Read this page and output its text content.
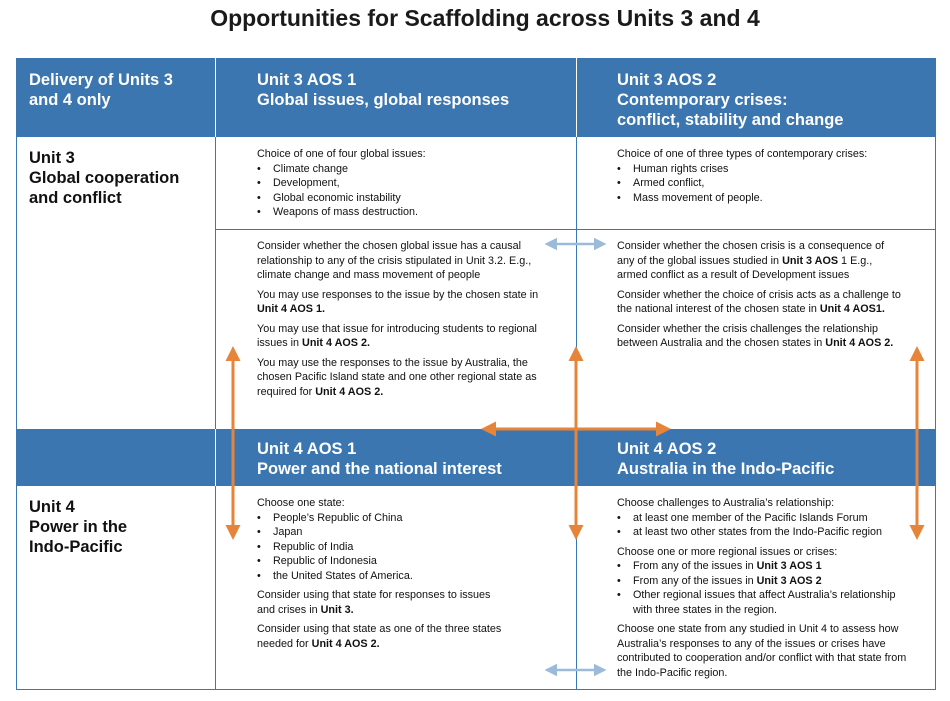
Opportunities for Scaffolding across Units 3 and 4
Delivery of Units 3
and 4 only
Unit 3 AOS 1
Global issues, global responses
Unit 3 AOS 2
Contemporary crises:
conflict, stability and change
Unit 4 AOS 1
Power and the national interest
Unit 4 AOS 2
Australia in the Indo-Pacific
Unit 3
Global cooperation
and conflict
Unit 4
Power in the
Indo-Pacific

Choice of one of four global issues:

• Climate change
• Development,
• Global economic instability
• Weapons of mass destruction.

Choice of one of three types of contemporary crises:

• Human rights crises
• Armed conflict,
• Mass movement of people.

Consider whether the chosen global issue has a causal relationship to any of the crisis stipulated in Unit 3.2. E.g., climate change and mass movement of people

You may use responses to the issue by the chosen state in Unit 4 AOS 1.

You may use that issue for introducing students to regional issues in Unit 4 AOS 2.

You may use the responses to the issue by Australia, the chosen Pacific Island state and one other regional state as required for Unit 4 AOS 2.

Consider whether the chosen crisis is a consequence of any of the global issues studied in Unit 3 AOS 1 E.g., armed conflict as a result of Development issues

Consider whether the choice of crisis acts as a challenge to the national interest of the chosen state in Unit 4 AOS1.

Consider whether the crisis challenges the relationship between Australia and the chosen states in Unit 4 AOS 2.

Choose one state:

• People’s Republic of China
• Japan
• Republic of India
• Republic of Indonesia
• the United States of America.

Consider using that state for responses to issues and crises in Unit 3.

Consider using that state as one of the three states needed for Unit 4 AOS 2.

Choose challenges to Australia’s relationship:

• at least one member of the Pacific Islands Forum
• at least two other states from the Indo-Pacific region

Choose one or more regional issues or crises:

• From any of the issues in Unit 3 AOS 1
• From any of the issues in Unit 3 AOS 2
• Other regional issues that affect Australia’s relationship with three states in the region.

Choose one state from any studied in Unit 4 to assess how Australia’s responses to any of the issues or crises have contributed to cooperation and/or conflict with that state from the Indo-Pacific region.
